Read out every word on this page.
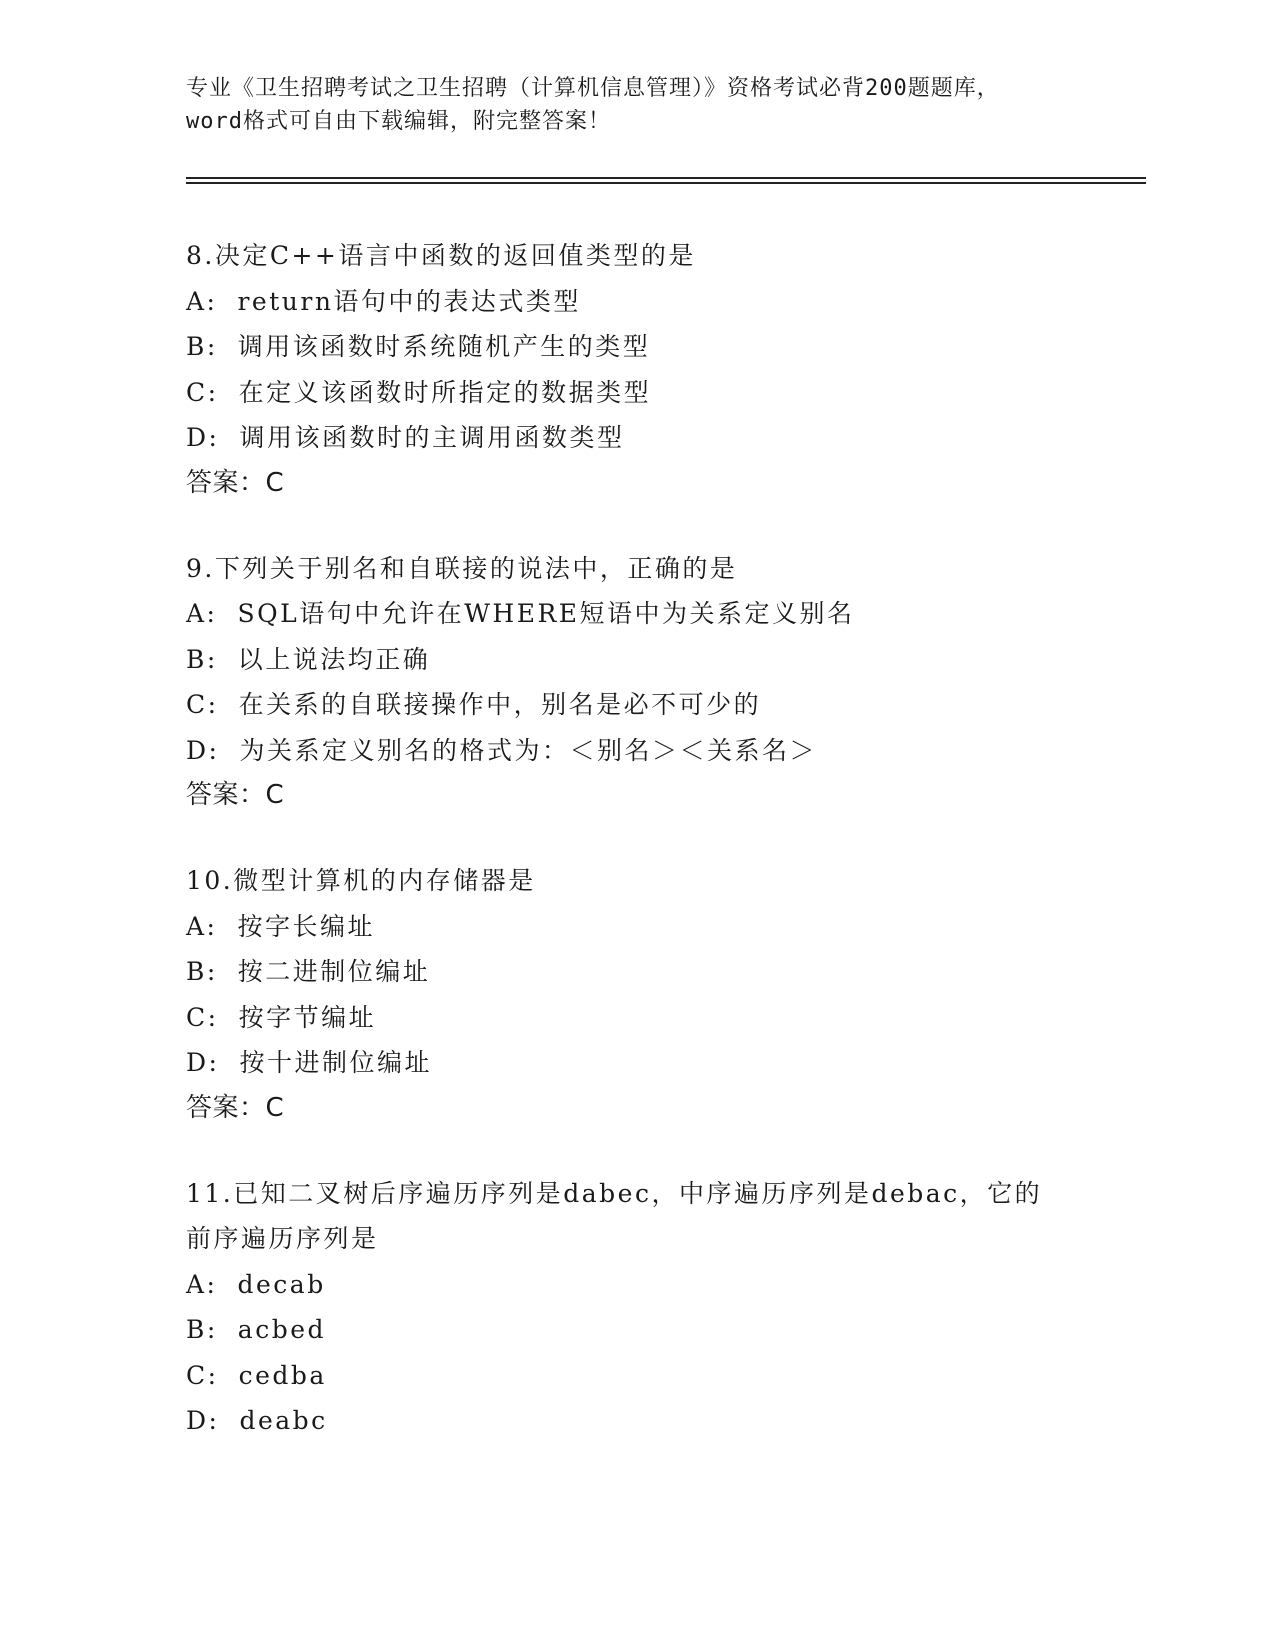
专业《卫生招聘考试之卫生招聘（计算机信息管理）》资格考试必背200题题库，
word格式可自由下载编辑，附完整答案！
8.决定C++语言中函数的返回值类型的是
A: return语句中的表达式类型
B: 调用该函数时系统随机产生的类型
C: 在定义该函数时所指定的数据类型
D: 调用该函数时的主调用函数类型
答案：C
9.下列关于别名和自联接的说法中，正确的是
A: SQL语句中允许在WHERE短语中为关系定义别名
B: 以上说法均正确
C: 在关系的自联接操作中，别名是必不可少的
D: 为关系定义别名的格式为：＜别名＞＜关系名＞
答案：C
10.微型计算机的内存储器是
A: 按字长编址
B: 按二进制位编址
C: 按字节编址
D: 按十进制位编址
答案：C
11.已知二叉树后序遍历序列是dabec，中序遍历序列是debac，它的前序遍历序列是
A: decab
B: acbed
C: cedba
D: deabc
